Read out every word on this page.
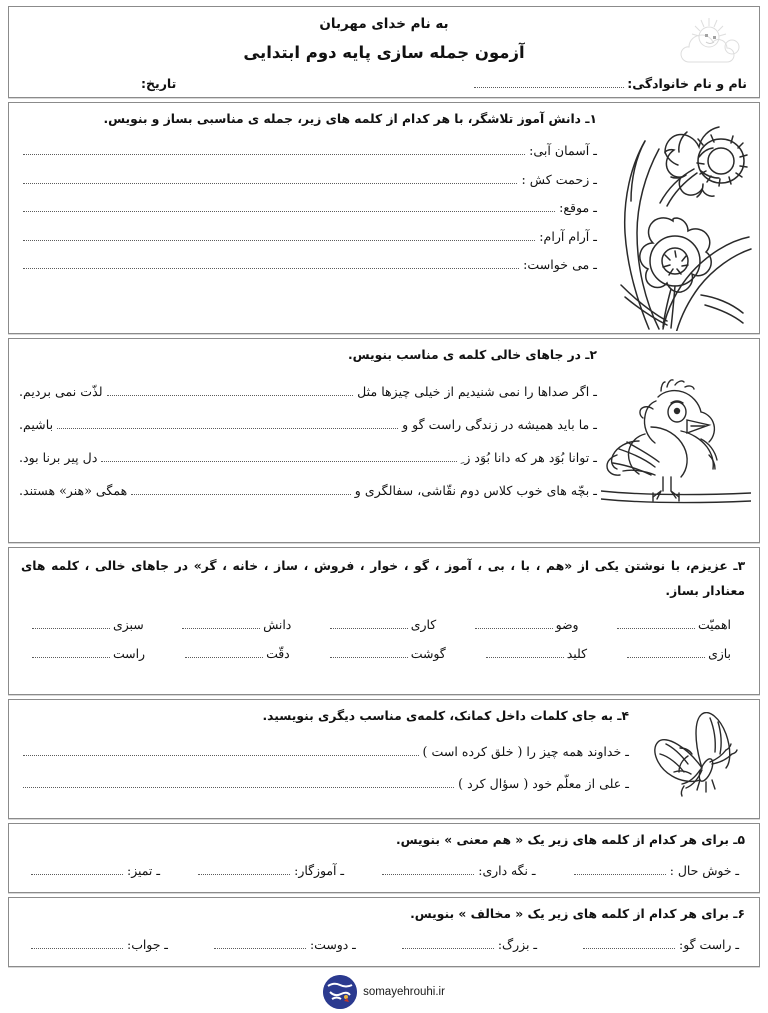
به نام خدای مهربان
آزمون جمله سازی پایه دوم ابتدایی
نام و نام خانوادگی:
تاریخ:
۱ـ دانش آموز تلاشگر، با هر کدام از کلمه های زیر، جمله ی مناسبی بساز و بنویس.
ـ آسمان آبی:
ـ زحمت کش :
ـ موقع:
ـ آرام آرام:
ـ می خواست:
۲ـ در جاهای خالی کلمه ی مناسب بنویس.
ـ اگر صداها را نمی شنیدیم از خیلی چیزها مثل
لذّت نمی بردیم.
ـ ما باید همیشه در زندگی راست گو و
باشیم.
ـ توانا بُوَد هر که دانا بُوَد ز ِ
دل پیر برنا بود.
ـ بچّه های خوب کلاس دوم نقّاشی، سفالگری و
همگی «هنر» هستند.
۳ـ عزیزم، با نوشتن یکی از «هم ، با ، بی ، آموز ، گو ، خوار ، فروش ، ساز ، خانه ، گر» در جاهای خالی ، کلمه های معنادار بساز.
اهمیّت
وضو
کاری
دانش
سبزی
بازی
کلید
گوشت
دقّت
راست
۴ـ به جای کلمات داخل کمانک، کلمه‌ی مناسب دیگری بنویسید.
ـ خداوند همه چیز را ( خلق کرده است )
ـ علی از معلّم خود ( سؤال کرد )
۵ـ برای هر کدام از کلمه های زیر یک « هم معنی » بنویس.
ـ خوش حال :
ـ نگه داری:
ـ آموزگار:
ـ تمیز:
۶ـ برای هر کدام از کلمه های زیر یک « مخالف » بنویس.
ـ راست گو:
ـ بزرگ:
ـ دوست:
ـ جواب:
somayehrouhi.ir
